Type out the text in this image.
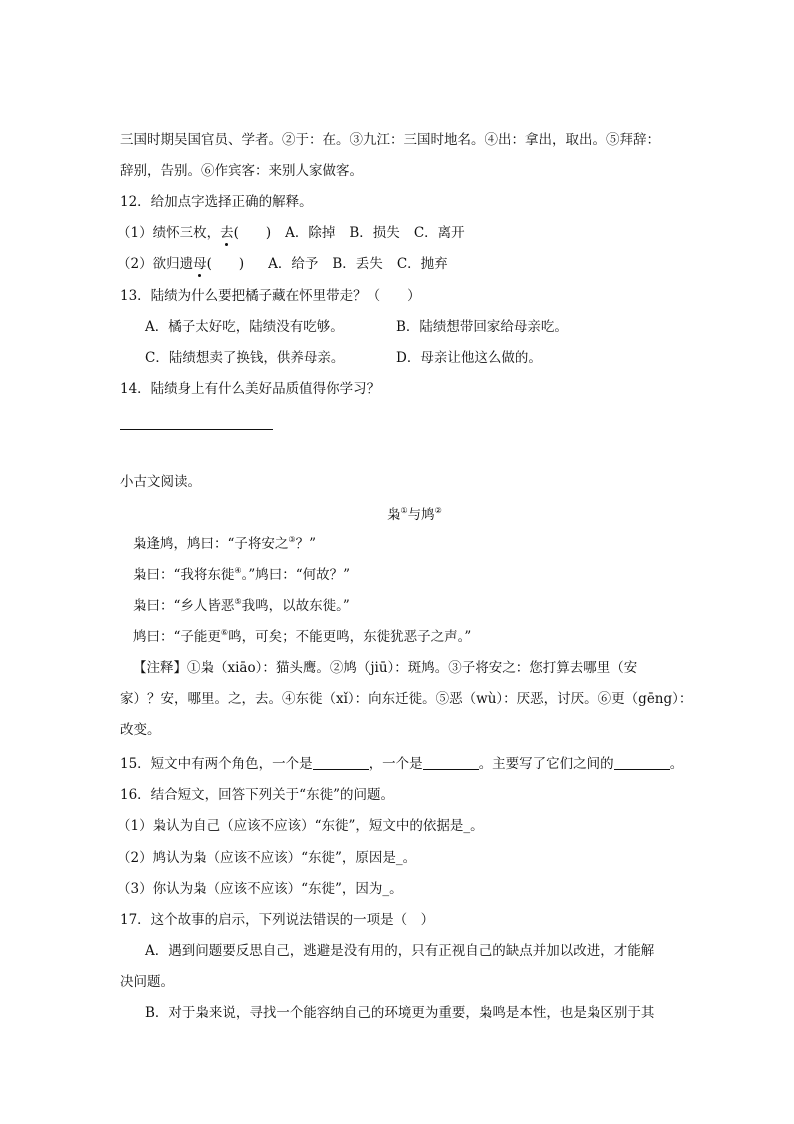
三国时期吴国官员、学者。②于：在。③九江：三国时地名。④出：拿出，取出。⑤拜辞：
辞别，告别。⑥作宾客：来别人家做客。
12．给加点字选择正确的解释。
（1）绩怀三枚，去(　　) A．除掉 B．损失 C．离开
（2）欲归遗母(　　) A．给予 B．丢失 C．抛弃
13．陆绩为什么要把橘子藏在怀里带走？（　　）
A．橘子太好吃，陆绩没有吃够。	B．陆绩想带回家给母亲吃。
C．陆绩想卖了换钱，供养母亲。	D．母亲让他这么做的。
14．陆绩身上有什么美好品质值得你学习？
小古文阅读。
枭①与鸠②
枭逢鸠，鸠曰：“子将安之③？”
枭曰：“我将东徙④。”鸠曰：“何故？”
枭曰：“乡人皆恶⑤我鸣，以故东徙。”
鸠曰：“子能更⑥鸣，可矣；不能更鸣，东徙犹恶子之声。”
【注释】①枭（xiāo）：猫头鹰。②鸠（jiū）：斑鸠。③子将安之：您打算去哪里（安
家）？安，哪里。之，去。④东徙（xǐ）：向东迁徙。⑤恶（wù）：厌恶，讨厌。⑥更（gēng）：
改变。
15．短文中有两个角色，一个是	，一个是	。主要写了它们之间的	。
16．结合短文，回答下列关于“东徙”的问题。
（1）枭认为自己（应该不应该）“东徙”，短文中的依据是_。
（2）鸠认为枭（应该不应该）“东徙”，原因是_。
（3）你认为枭（应该不应该）“东徙”，因为_。
17．这个故事的启示，下列说法错误的一项是（　）
A．遇到问题要反思自己，逃避是没有用的，只有正视自己的缺点并加以改进，才能解
决问题。
B．对于枭来说，寻找一个能容纳自己的环境更为重要，枭鸣是本性，也是枭区别于其
